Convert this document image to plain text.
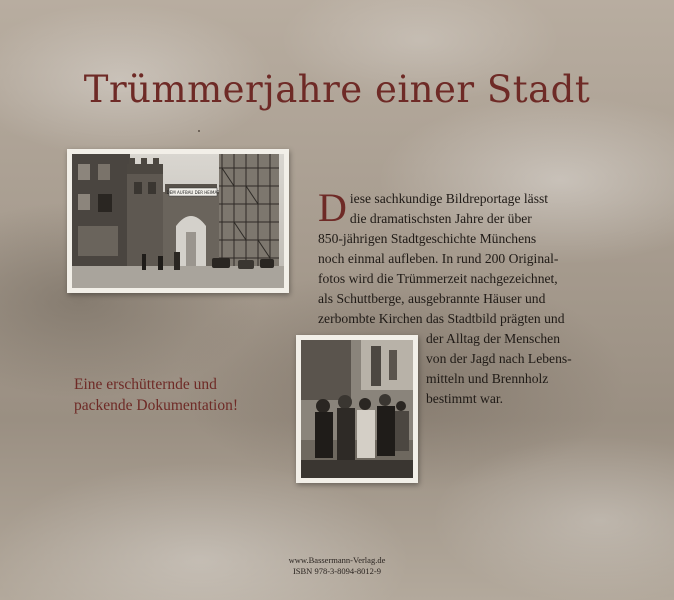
Trümmerjahre einer Stadt
DEM AUFBAU DER HEIMAT D iese sachkundige Bildreportage lässt
die dramatischsten Jahre der über
850-jährigen Stadtgeschichte Münchens
noch einmal aufleben. In rund 200 Original-
fotos wird die Trümmerzeit nachgezeichnet,
als Schuttberge, ausgebrannte Häuser und
zerbombte Kirchen das Stadtbild prägten und
der Alltag der Menschen
von der Jagd nach Lebens-
mitteln und Brennholz
bestimmt war.
Eine erschütternde und
packende Dokumentation!
www.Bassermann-Verlag.de
ISBN 978-3-8094-8012-9
